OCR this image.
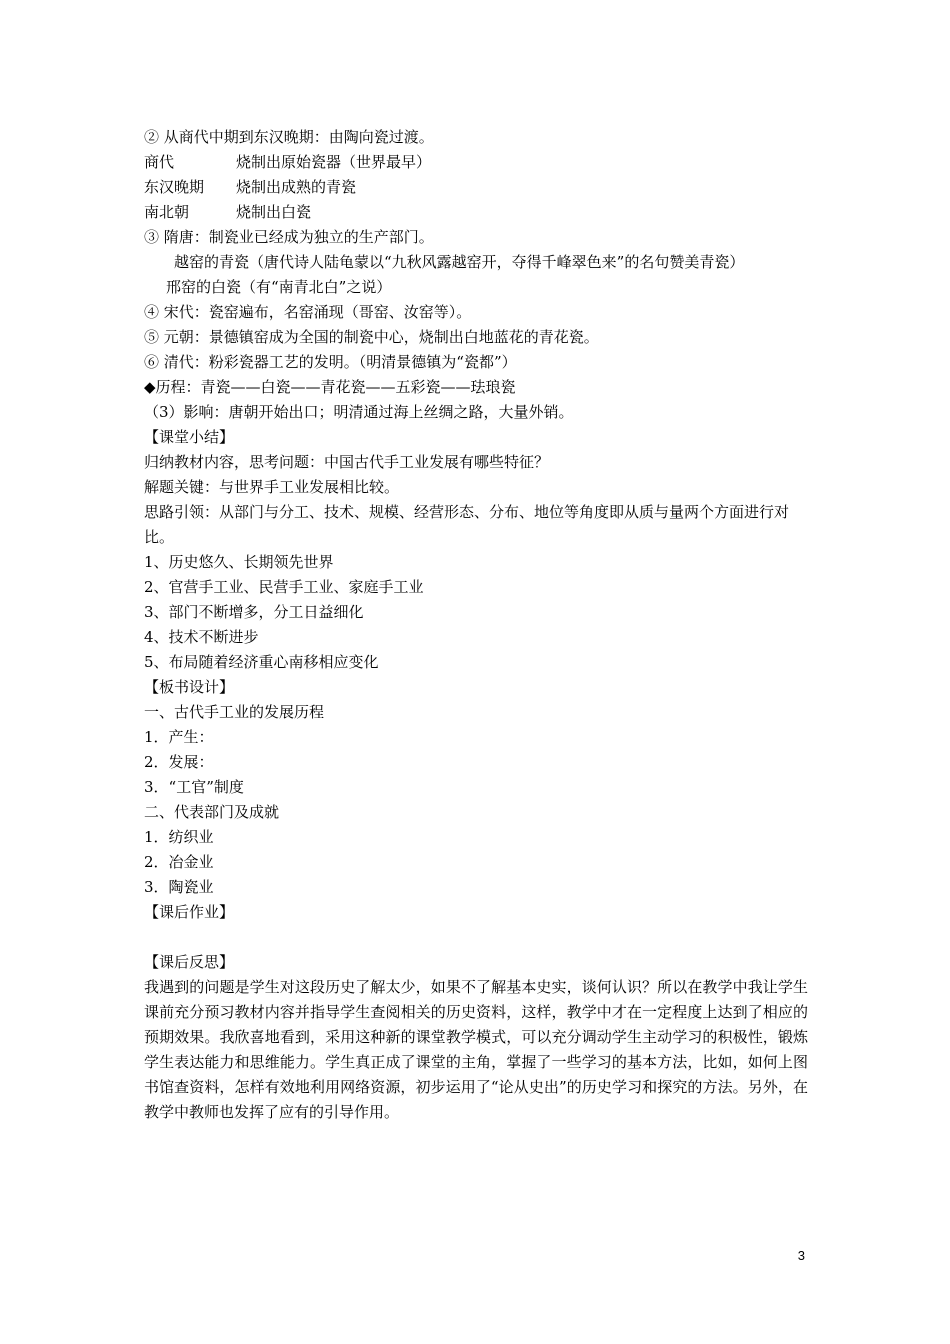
② 从商代中期到东汉晚期：由陶向瓷过渡。
商代	烧制出原始瓷器（世界最早）
东汉晚期	烧制出成熟的青瓷
南北朝	烧制出白瓷
③ 隋唐：制瓷业已经成为独立的生产部门。
越窑的青瓷（唐代诗人陆龟蒙以“九秋风露越窑开，夺得千峰翠色来”的名句赞美青瓷）
邢窑的白瓷（有“南青北白”之说）
④ 宋代：瓷窑遍布，名窑涌现（哥窑、汝窑等）。
⑤ 元朝：景德镇窑成为全国的制瓷中心，烧制出白地蓝花的青花瓷。
⑥ 清代：粉彩瓷器工艺的发明。（明清景德镇为“瓷都”）
◆历程：青瓷——白瓷——青花瓷——五彩瓷——珐琅瓷
（3）影响：唐朝开始出口；明清通过海上丝绸之路，大量外销。
【课堂小结】
归纳教材内容，思考问题：中国古代手工业发展有哪些特征？
解题关键：与世界手工业发展相比较。
思路引领：从部门与分工、技术、规模、经营形态、分布、地位等角度即从质与量两个方面进行对比。
1、历史悠久、长期领先世界
2、官营手工业、民营手工业、家庭手工业
3、部门不断增多，分工日益细化
4、技术不断进步
5、布局随着经济重心南移相应变化
【板书设计】
一、古代手工业的发展历程
1．产生：
2．发展：
3．“工官”制度
二、代表部门及成就
1．纺织业
2．冶金业
3．陶瓷业
【课后作业】
【课后反思】
我遇到的问题是学生对这段历史了解太少，如果不了解基本史实，谈何认识？所以在教学中我让学生课前充分预习教材内容并指导学生查阅相关的历史资料，这样，教学中才在一定程度上达到了相应的预期效果。我欣喜地看到，采用这种新的课堂教学模式，可以充分调动学生主动学习的积极性，锻炼学生表达能力和思维能力。学生真正成了课堂的主角，掌握了一些学习的基本方法，比如，如何上图书馆查资料，怎样有效地利用网络资源，初步运用了“论从史出”的历史学习和探究的方法。另外，在教学中教师也发挥了应有的引导作用。
3
